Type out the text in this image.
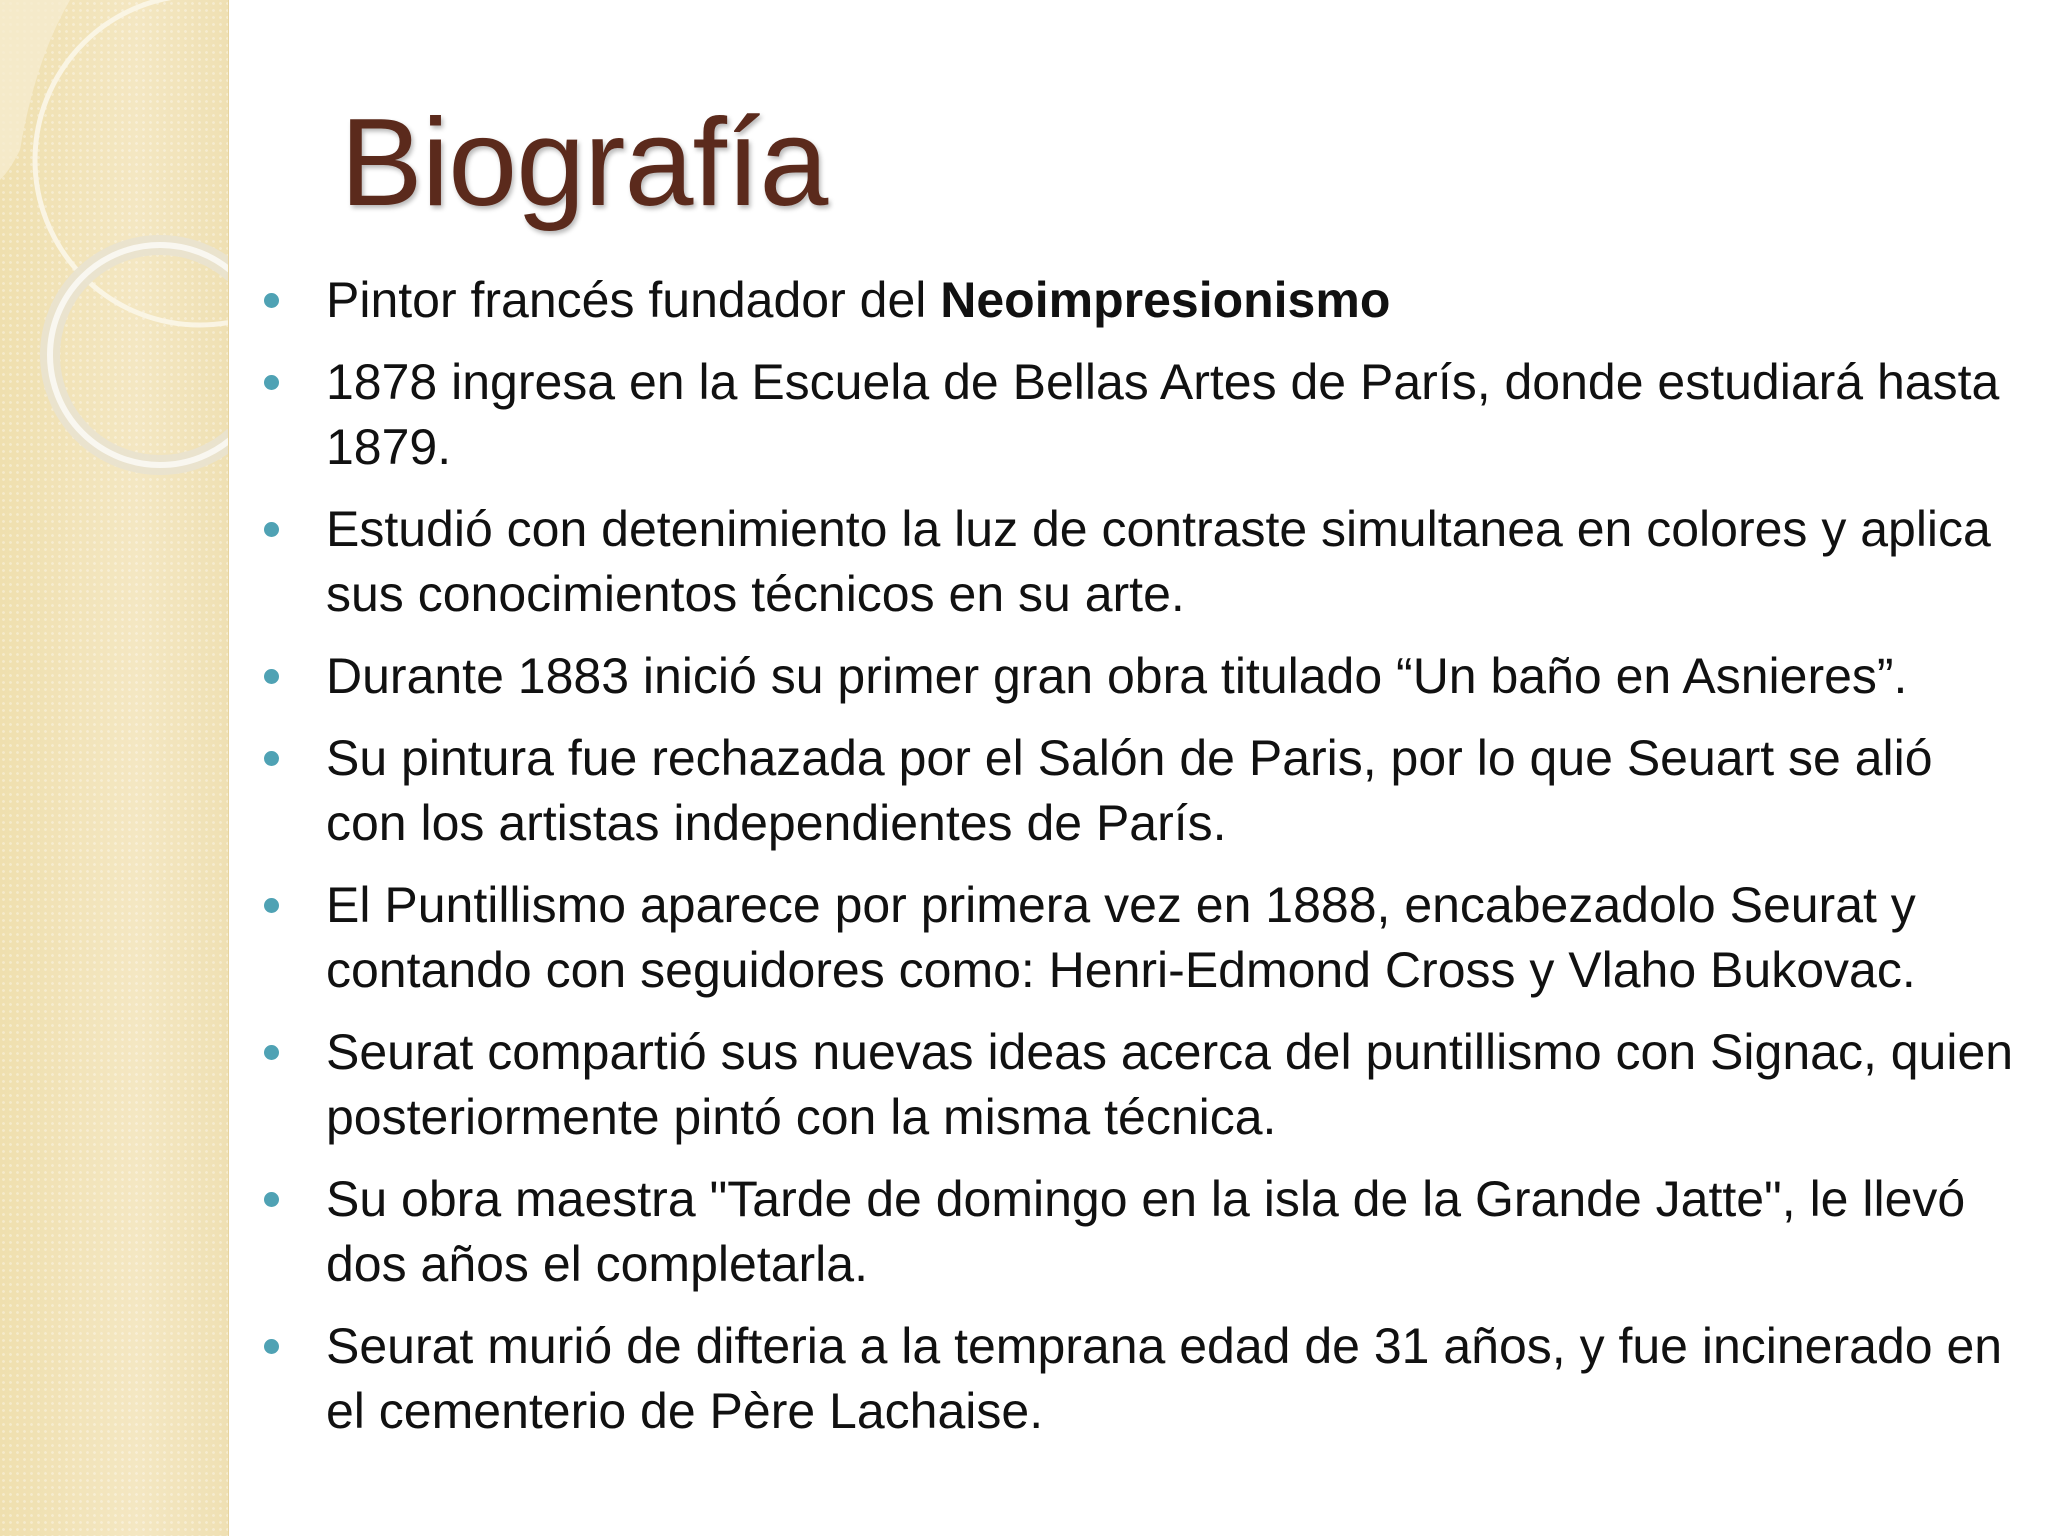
Biografía
Pintor francés fundador del Neoimpresionismo
1878 ingresa en la Escuela de Bellas Artes de París, donde estudiará hasta 1879.
Estudió con detenimiento la luz de contraste simultanea en colores y aplica sus conocimientos técnicos en su arte.
Durante 1883 inició su primer gran obra titulado “Un baño en Asnieres”.
Su pintura fue rechazada por el Salón de Paris, por lo que Seuart se alió con los artistas independientes de París.
El Puntillismo aparece por primera vez en 1888, encabezadolo Seurat y contando con seguidores como: Henri-Edmond Cross y Vlaho Bukovac.
Seurat compartió sus nuevas ideas acerca del puntillismo con Signac, quien posteriormente pintó con la misma técnica.
Su obra maestra "Tarde de domingo en la isla de la Grande Jatte", le llevó dos años el completarla.
Seurat murió de difteria a la temprana edad de 31 años, y fue incinerado en el cementerio de Père Lachaise.
